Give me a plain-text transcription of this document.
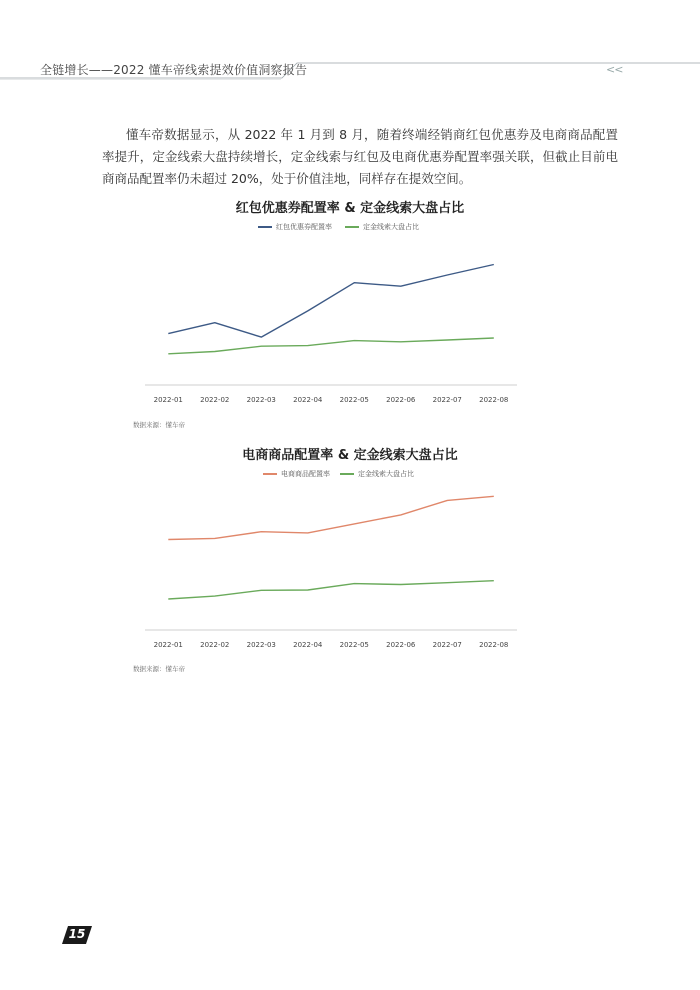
全链增长——2022 懂车帝线索提效价值洞察报告	<<

懂车帝数据显示，从 2022 年 1 月到 8 月，随着终端经销商红包优惠券及电商商品配置率提升，定金线索大盘持续增长，定金线索与红包及电商优惠券配置率强关联，但截止目前电商商品配置率仍未超过 20%，处于价值洼地，同样存在提效空间。

红包优惠券配置率 & 定金线索大盘占比
红包优惠券配置率	定金线索大盘占比
2022-01 2022-02 2022-03 2022-04 2022-05 2022-06 2022-07 2022-08
数据来源：懂车帝
电商商品配置率 & 定金线索大盘占比
电商商品配置率	定金线索大盘占比
2022-01 2022-02 2022-03 2022-04 2022-05 2022-06 2022-07 2022-08
数据来源：懂车帝
15
